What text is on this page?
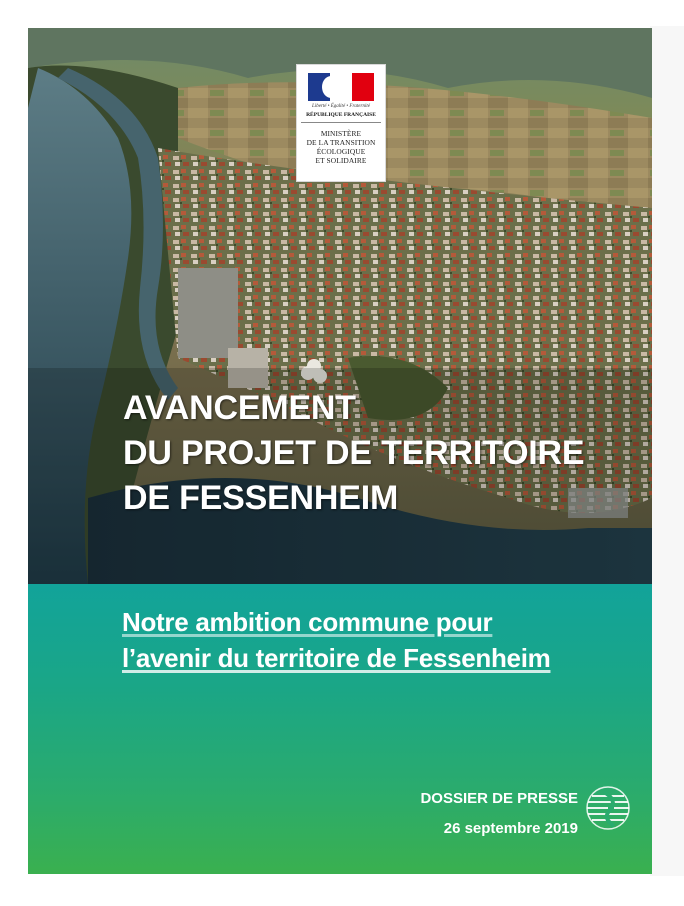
Liberté • Égalité • Fraternité
RÉPUBLIQUE FRANÇAISE
MINISTÈRE
DE LA TRANSITION
ÉCOLOGIQUE
ET SOLIDAIRE
AVANCEMENT
DU PROJET DE TERRITOIRE
DE FESSENHEIM
Notre ambition commune pour
l’avenir du territoire de Fessenheim
DOSSIER DE PRESSE
26 septembre 2019
